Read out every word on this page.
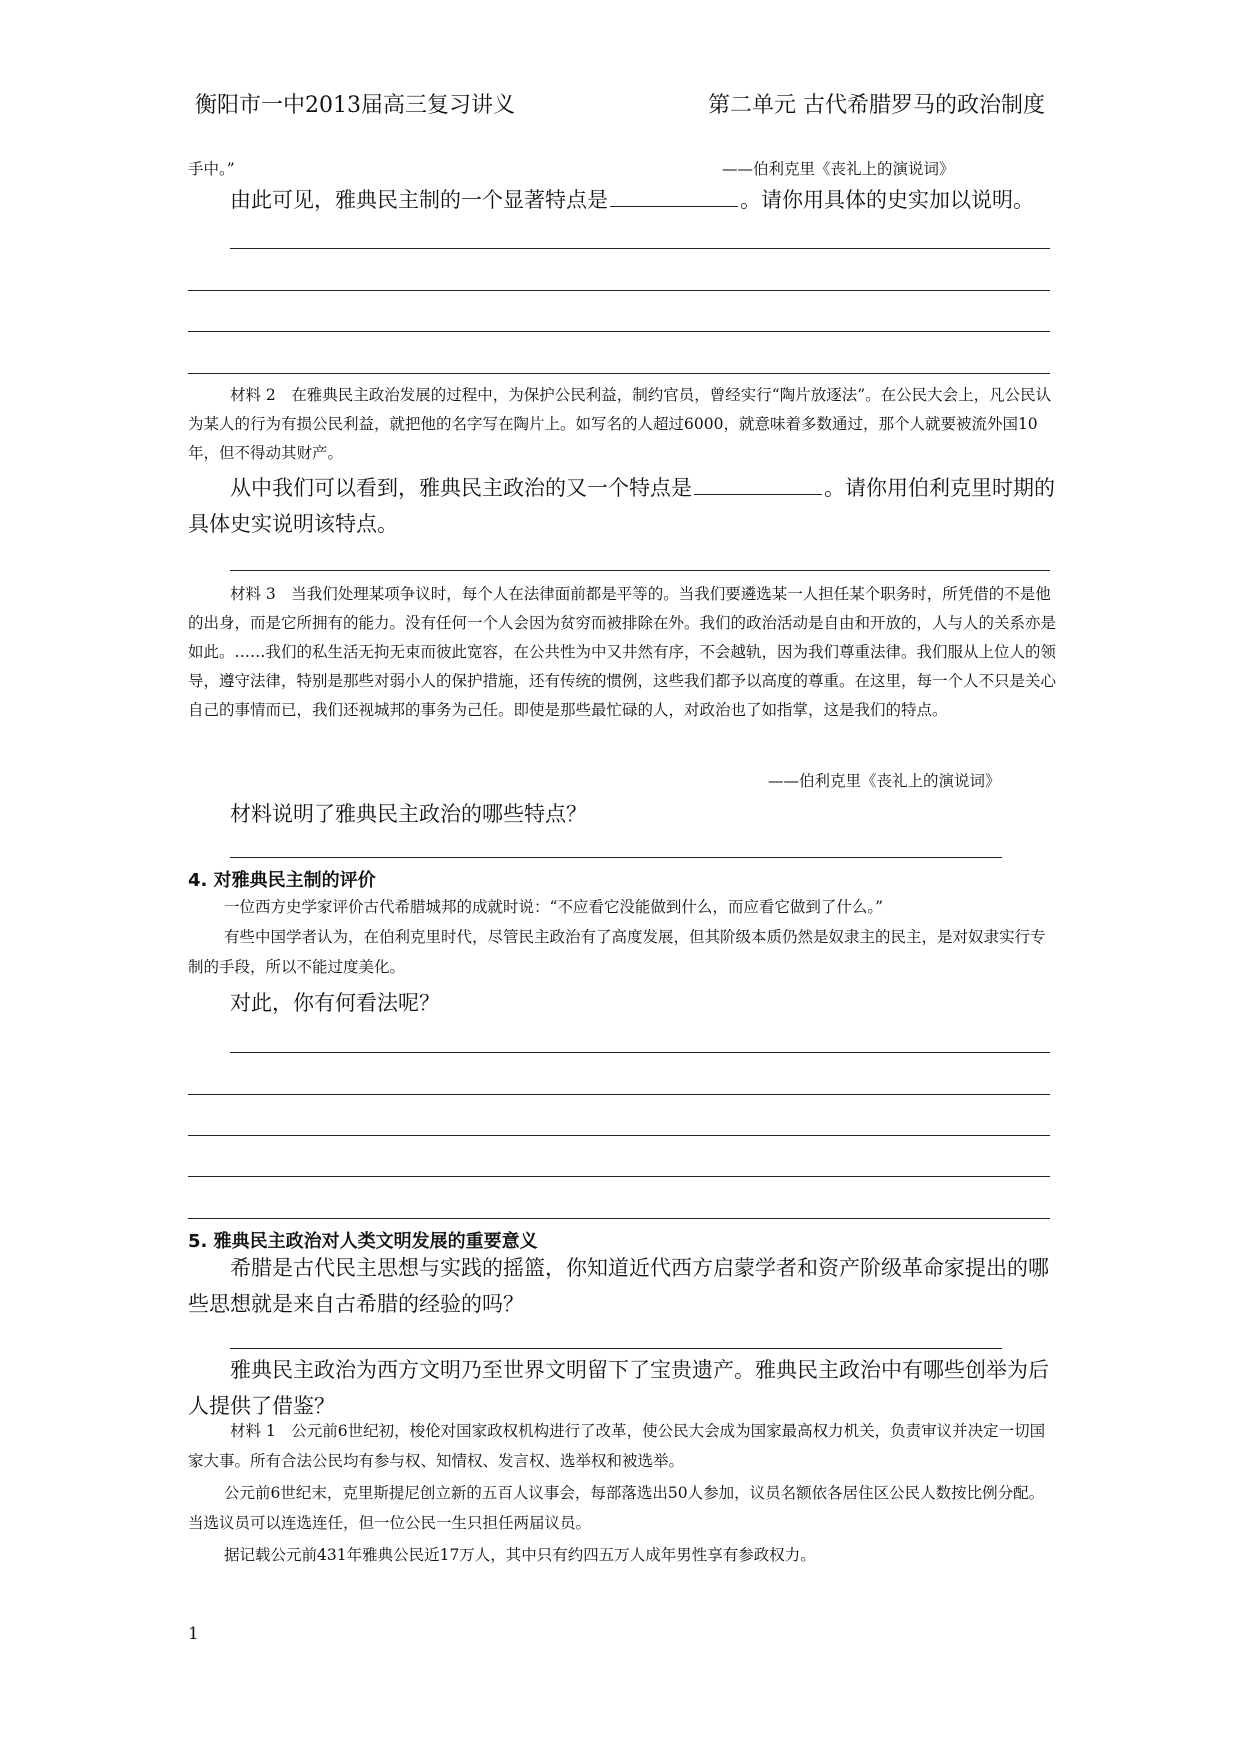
衡阳市一中2013届高三复习讲义	第二单元 古代希腊罗马的政治制度
手中。”	——伯利克里《丧礼上的演说词》
由此可见，雅典民主制的一个显著特点是	。请你用具体的史实加以说明。
材料 2　在雅典民主政治发展的过程中，为保护公民利益，制约官员，曾经实行“陶片放逐法”。在公民大会上，凡公民认为某人的行为有损公民利益，就把他的名字写在陶片上。如写名的人超过6000，就意味着多数通过，那个人就要被流外国10年，但不得动其财产。
从中我们可以看到，雅典民主政治的又一个特点是	。请你用伯利克里时期的具体史实说明该特点。
材料 3　当我们处理某项争议时，每个人在法律面前都是平等的。当我们要遴选某一人担任某个职务时，所凭借的不是他的出身，而是它所拥有的能力。没有任何一个人会因为贫穷而被排除在外。我们的政治活动是自由和开放的，人与人的关系亦是如此。……我们的私生活无拘无束而彼此宽容，在公共性为中又井然有序，不会越轨，因为我们尊重法律。我们服从上位人的领导，遵守法律，特别是那些对弱小人的保护措施，还有传统的惯例，这些我们都予以高度的尊重。在这里，每一个人不只是关心自己的事情而已，我们还视城邦的事务为己任。即使是那些最忙碌的人，对政治也了如指掌，这是我们的特点。
——伯利克里《丧礼上的演说词》
材料说明了雅典民主政治的哪些特点？
4. 对雅典民主制的评价
一位西方史学家评价古代希腊城邦的成就时说：“不应看它没能做到什么，而应看它做到了什么。”
有些中国学者认为，在伯利克里时代，尽管民主政治有了高度发展，但其阶级本质仍然是奴隶主的民主，是对奴隶实行专制的手段，所以不能过度美化。
对此，你有何看法呢？
5. 雅典民主政治对人类文明发展的重要意义
希腊是古代民主思想与实践的摇篮，你知道近代西方启蒙学者和资产阶级革命家提出的哪些思想就是来自古希腊的经验的吗？
雅典民主政治为西方文明乃至世界文明留下了宝贵遗产。雅典民主政治中有哪些创举为后人提供了借鉴？
材料 1　公元前6世纪初，梭伦对国家政权机构进行了改革，使公民大会成为国家最高权力机关，负责审议并决定一切国家大事。所有合法公民均有参与权、知情权、发言权、选举权和被选举。
公元前6世纪末，克里斯提尼创立新的五百人议事会，每部落选出50人参加，议员名额依各居住区公民人数按比例分配。当选议员可以连选连任，但一位公民一生只担任两届议员。
据记载公元前431年雅典公民近17万人，其中只有约四五万人成年男性享有参政权力。
1
